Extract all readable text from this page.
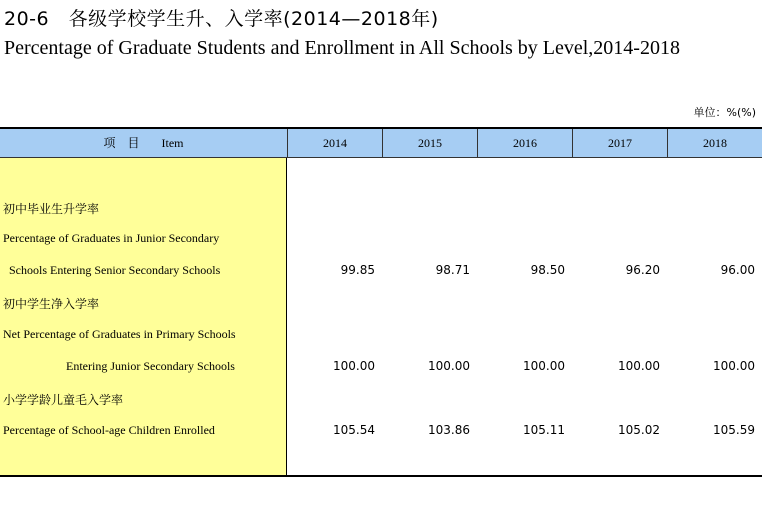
20-6　各级学校学生升、入学率(2014—2018年)
Percentage of Graduate Students and Enrollment in All Schools by Level,2014-2018
单位：%(%)
项　目 Item	2014	2015	2016	2017	2018
初中毕业生升学率
Percentage of Graduates in Junior Secondary
Schools Entering Senior Secondary Schools	99.85	98.71	98.50	96.20	96.00
初中学生净入学率
Net Percentage of Graduates in Primary Schools
Entering Junior Secondary Schools	100.00	100.00	100.00	100.00	100.00
小学学龄儿童毛入学率
Percentage of School-age Children Enrolled	105.54	103.86	105.11	105.02	105.59
